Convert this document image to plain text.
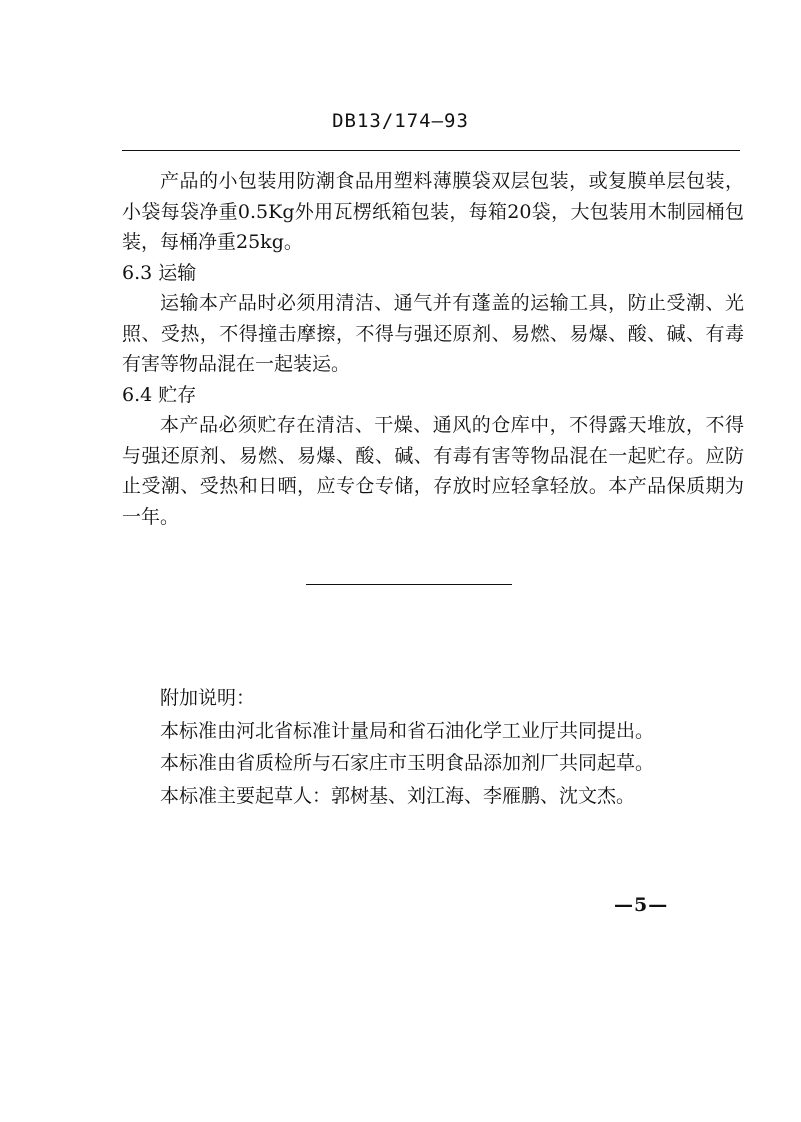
DB13/174—93

产品的小包装用防潮食品用塑料薄膜袋双层包装，或复膜单层包装，小袋每袋净重0.5Kg外用瓦楞纸箱包装，每箱20袋，大包装用木制园桶包装，每桶净重25kg。

6.3 运输

运输本产品时必须用清洁、通气并有蓬盖的运输工具，防止受潮、光照、受热，不得撞击摩擦，不得与强还原剂、易燃、易爆、酸、碱、有毒有害等物品混在一起装运。

6.4 贮存

本产品必须贮存在清洁、干燥、通风的仓库中，不得露天堆放，不得与强还原剂、易燃、易爆、酸、碱、有毒有害等物品混在一起贮存。应防止受潮、受热和日晒，应专仓专储，存放时应轻拿轻放。本产品保质期为一年。

附加说明：

本标准由河北省标准计量局和省石油化学工业厅共同提出。

本标准由省质检所与石家庄市玉明食品添加剂厂共同起草。

本标准主要起草人：郭树基、刘江海、李雁鹏、沈文杰。

—5—
